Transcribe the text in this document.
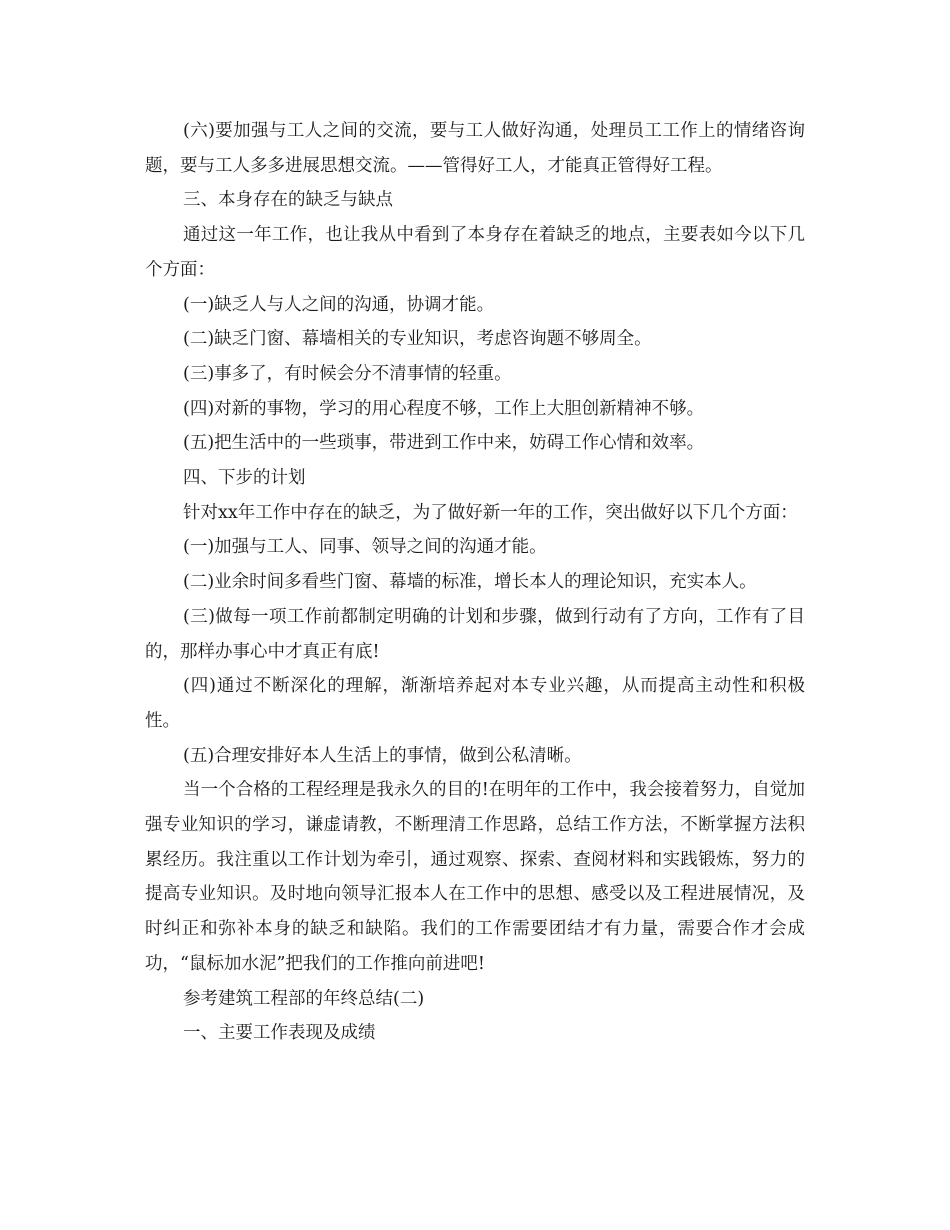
(六)要加强与工人之间的交流，要与工人做好沟通，处理员工工作上的情绪咨询题，要与工人多多进展思想交流。——管得好工人，才能真正管得好工程。

三、本身存在的缺乏与缺点

通过这一年工作，也让我从中看到了本身存在着缺乏的地点，主要表如今以下几个方面：

(一)缺乏人与人之间的沟通，协调才能。

(二)缺乏门窗、幕墙相关的专业知识，考虑咨询题不够周全。

(三)事多了，有时候会分不清事情的轻重。

(四)对新的事物，学习的用心程度不够，工作上大胆创新精神不够。

(五)把生活中的一些琐事，带进到工作中来，妨碍工作心情和效率。

四、下步的计划

针对xx年工作中存在的缺乏，为了做好新一年的工作，突出做好以下几个方面：

(一)加强与工人、同事、领导之间的沟通才能。

(二)业余时间多看些门窗、幕墙的标准，增长本人的理论知识，充实本人。

(三)做每一项工作前都制定明确的计划和步骤，做到行动有了方向，工作有了目的，那样办事心中才真正有底!

(四)通过不断深化的理解，渐渐培养起对本专业兴趣，从而提高主动性和积极性。

(五)合理安排好本人生活上的事情，做到公私清晰。

当一个合格的工程经理是我永久的目的!在明年的工作中，我会接着努力，自觉加强专业知识的学习，谦虚请教，不断理清工作思路，总结工作方法，不断掌握方法积累经历。我注重以工作计划为牵引，通过观察、探索、查阅材料和实践锻炼，努力的提高专业知识。及时地向领导汇报本人在工作中的思想、感受以及工程进展情况，及时纠正和弥补本身的缺乏和缺陷。我们的工作需要团结才有力量，需要合作才会成功，“鼠标加水泥”把我们的工作推向前进吧!

参考建筑工程部的年终总结(二)

一、主要工作表现及成绩
